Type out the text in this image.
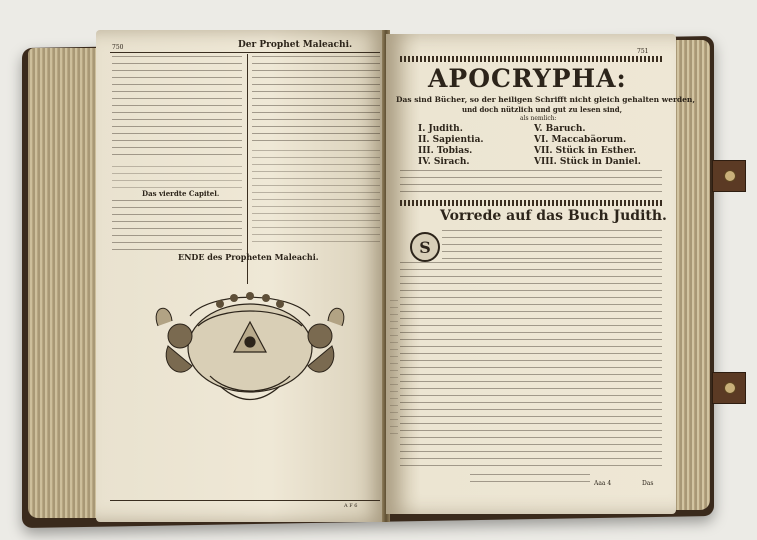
750	Der Prophet Maleachi.
Das vierdte Capitel.
ENDE des Propheten Maleachi.
A F 6
751
APOCRYPHA:
Das sind Bücher, so der heiligen Schrifft nicht gleich gehalten werden,
und doch nützlich und gut zu lesen sind,
als nemlich:
I. Judith.
II. Sapientia.
III. Tobias.
IV. Sirach.
V. Baruch.
VI. Maccabäorum.
VII. Stück in Esther.
VIII. Stück in Daniel.
Vorrede auf das Buch Judith.
S
Aaa 4	Das
